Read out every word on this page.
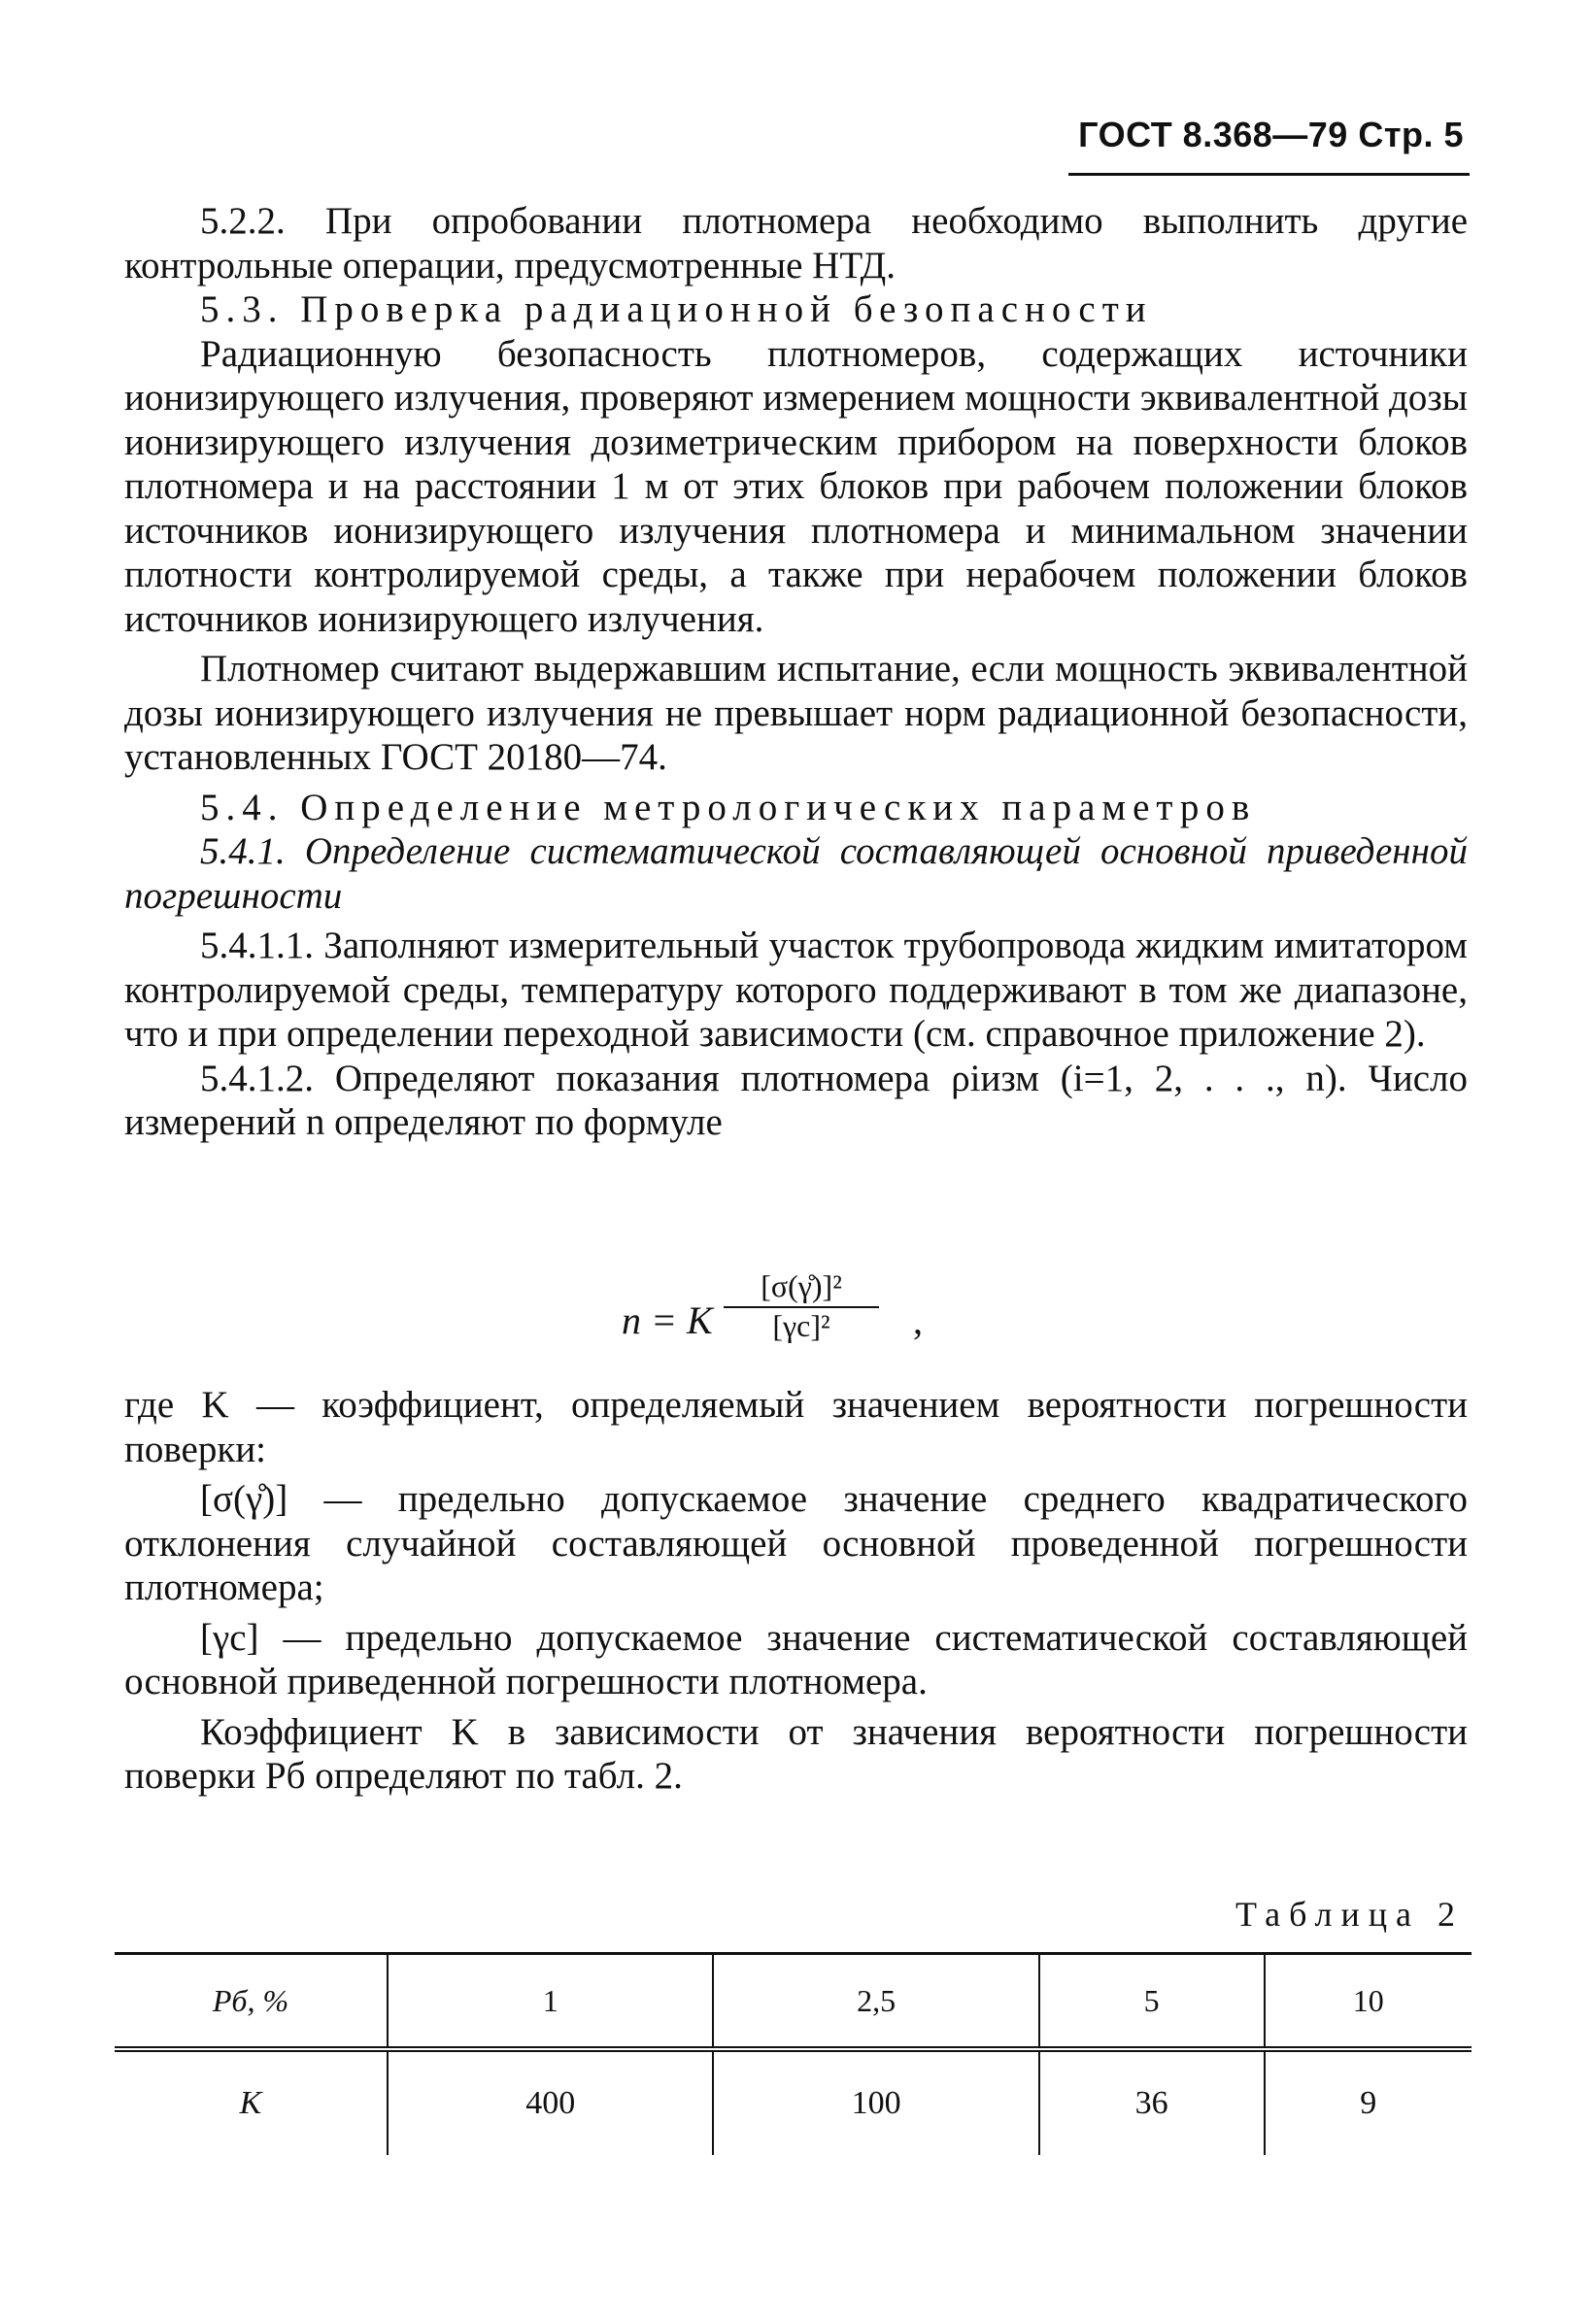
ГОСТ 8.368—79 Стр. 5

5.2.2. При опробовании плотномера необходимо выполнить другие контрольные операции, предусмотренные НТД.

5.3. Проверка радиационной безопасности

Радиационную безопасность плотномеров, содержащих источники ионизирующего излучения, проверяют измерением мощности эквивалентной дозы ионизирующего излучения дозиметрическим прибором на поверхности блоков плотномера и на расстоянии 1 м от этих блоков при рабочем положении блоков источников ионизирующего излучения плотномера и минимальном значении плотности контролируемой среды, а также при нерабочем положении блоков источников ионизирующего излучения.

Плотномер считают выдержавшим испытание, если мощность эквивалентной дозы ионизирующего излучения не превышает норм радиационной безопасности, установленных ГОСТ 20180—74.

5.4. Определение метрологических параметров

5.4.1. Определение систематической составляющей основной приведенной погрешности

5.4.1.1. Заполняют измерительный участок трубопровода жидким имитатором контролируемой среды, температуру которого поддерживают в том же диапазоне, что и при определении переходной зависимости (см. справочное приложение 2).

5.4.1.2. Определяют показания плотномера ρiизм (i=1, 2, . . ., n). Число измерений n определяют по формуле

n = K $\frac{\text{[σ(γ̊)]²}}{\text{[γc]²}}$ ,

где K — коэффициент, определяемый значением вероятности погрешности поверки:

[σ(γ̊)] — предельно допускаемое значение среднего квадратического отклонения случайной составляющей основной проведенной погрешности плотномера;

[γc] — предельно допускаемое значение систематической составляющей основной приведенной погрешности плотномера.

Коэффициент K в зависимости от значения вероятности погрешности поверки Pб определяют по табл. 2.

Таблица 2
Pб, %	1	2,5	5	10
K	400	100	36	9
